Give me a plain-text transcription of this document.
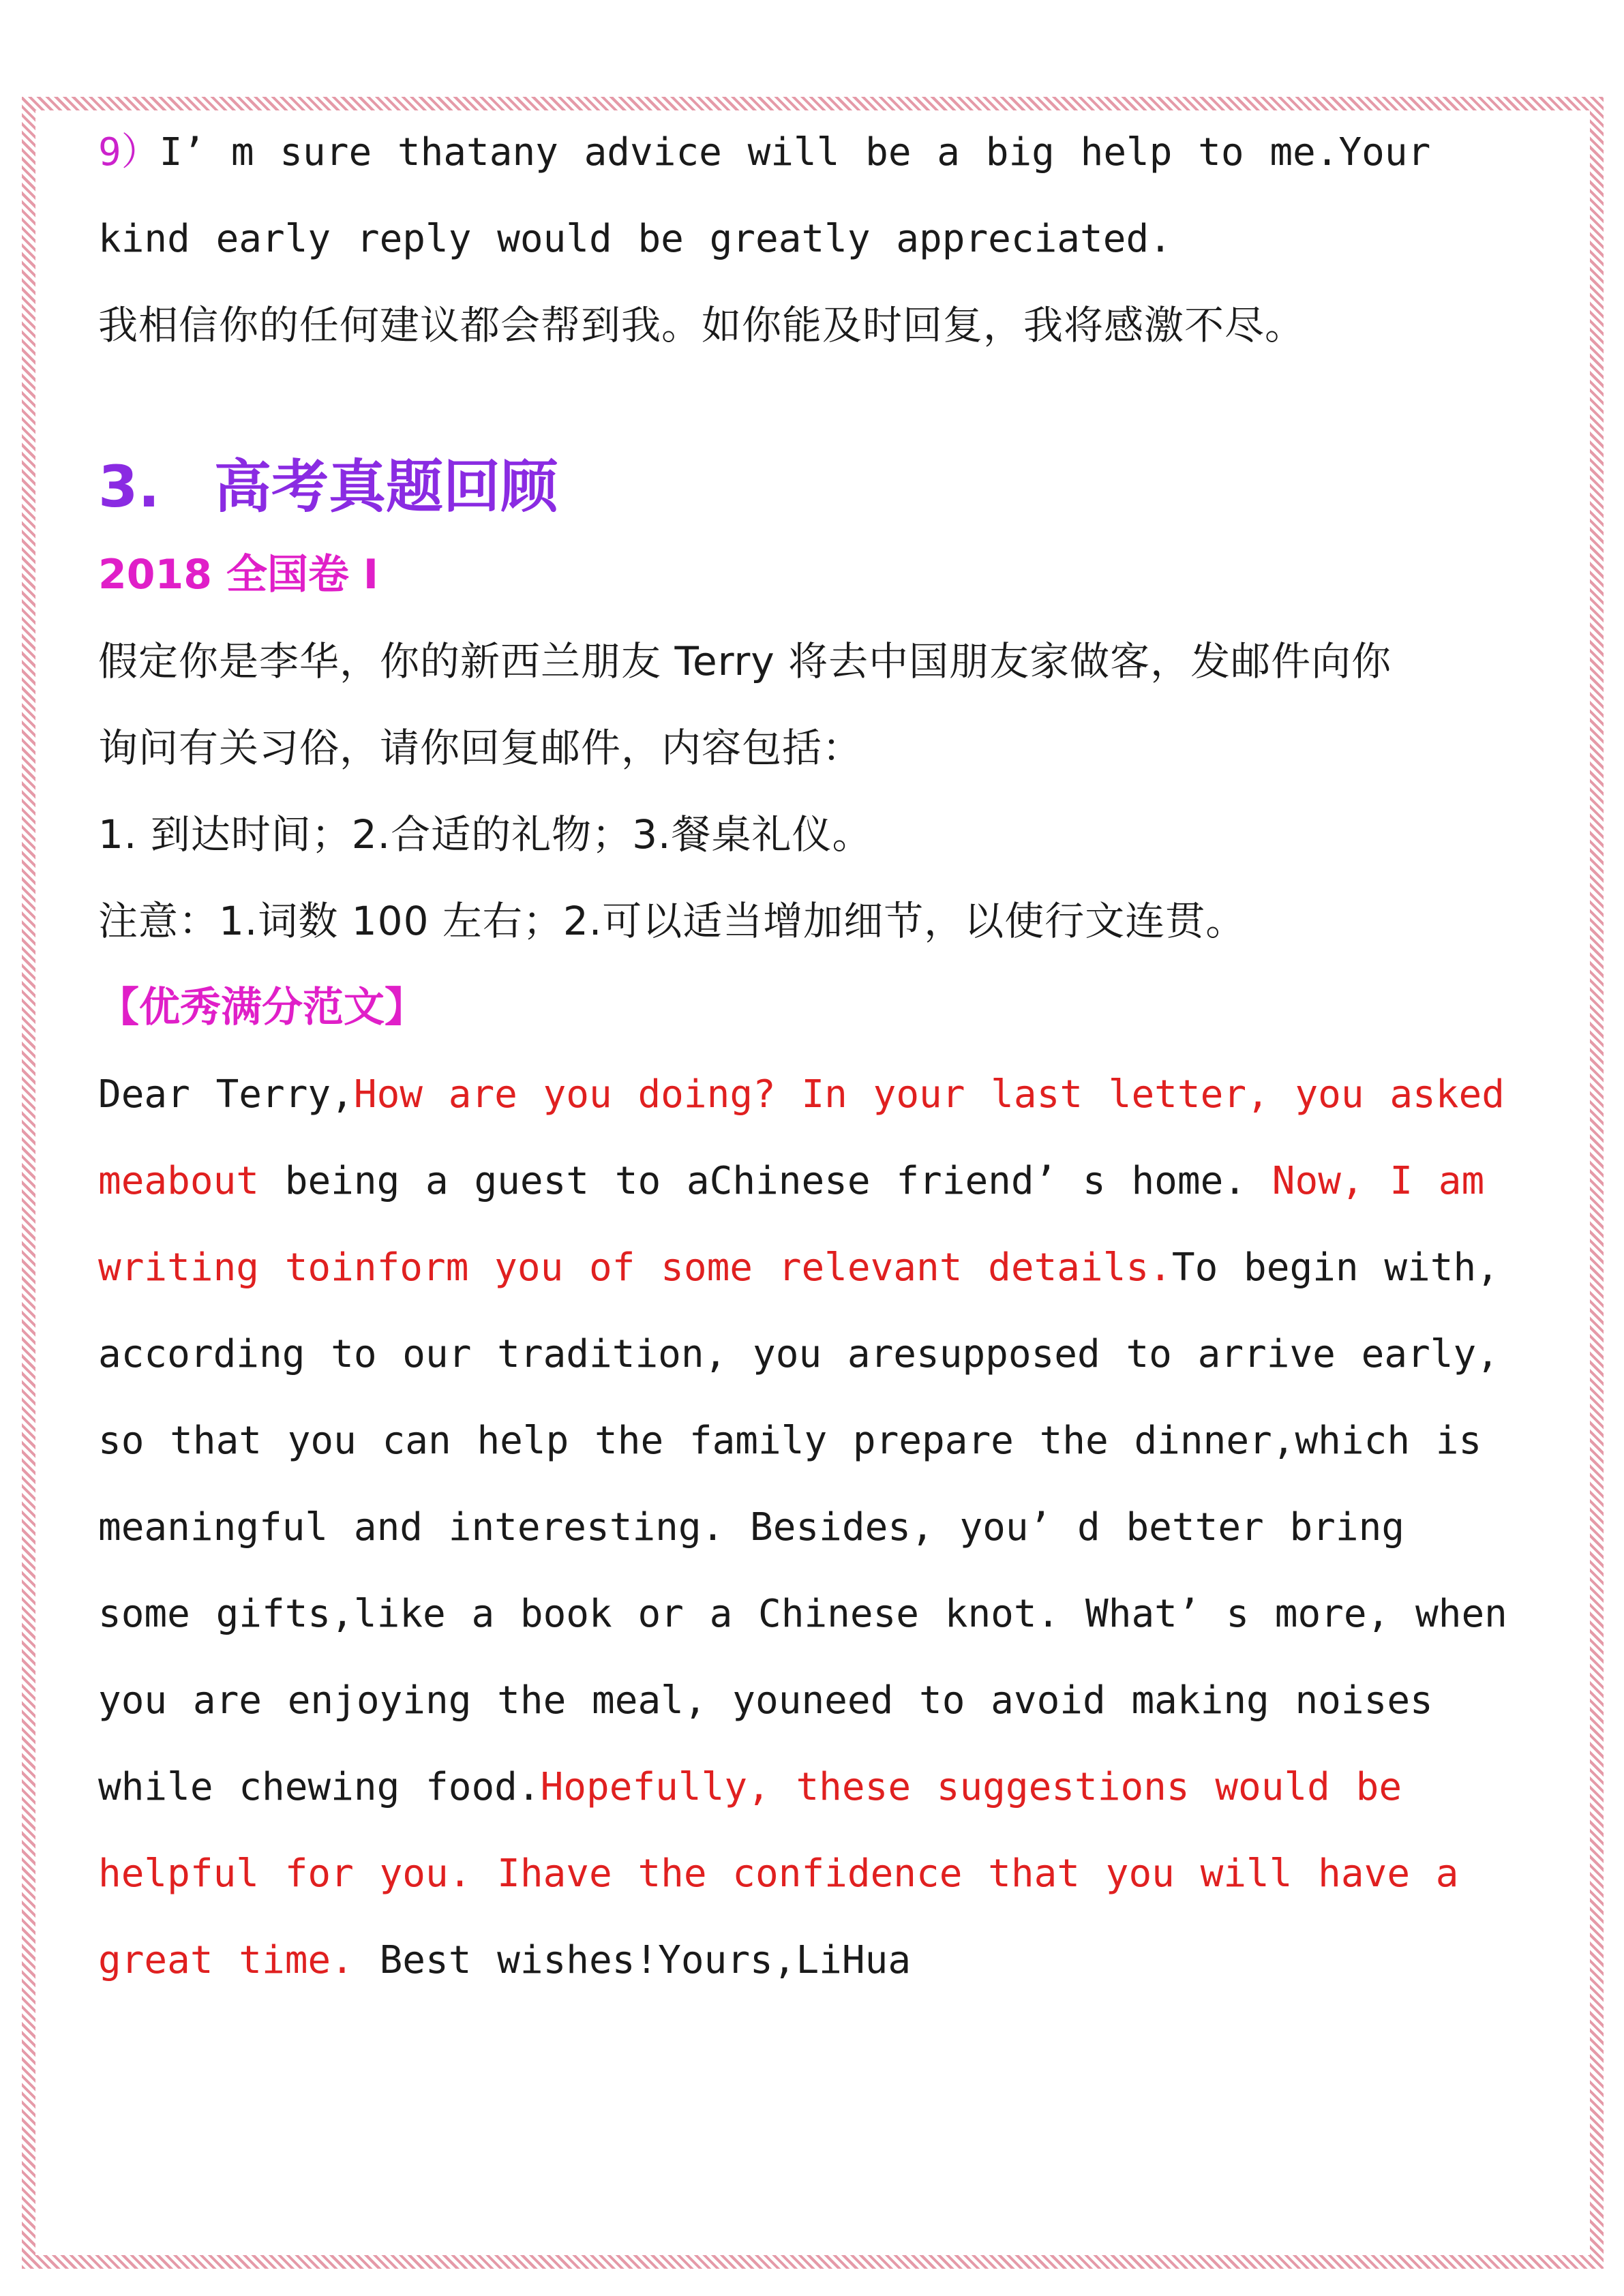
9）I’ m sure thatany advice will be a big help to me.Your kind early reply would be greatly appreciated.

我相信你的任何建议都会帮到我。如你能及时回复，我将感激不尽。

3. 高考真题回顾

2018 全国卷 I

假定你是李华，你的新西兰朋友 Terry 将去中国朋友家做客，发邮件向你

询问有关习俗，请你回复邮件，内容包括：

1. 到达时间；2.合适的礼物；3.餐桌礼仪。

注意：1.词数 100 左右；2.可以适当增加细节，以使行文连贯。

【优秀满分范文】

Dear Terry,How are you doing? In your last letter, you asked meabout being a guest to aChinese friend’ s home. Now, I am writing toinform you of some relevant details.To begin with, according to our tradition, you aresupposed to arrive early, so that you can help the family prepare the dinner,which is meaningful and interesting. Besides, you’ d better bring some gifts,like a book or a Chinese knot. What’ s more, when you are enjoying the meal, youneed to avoid making noises while chewing food.Hopefully, these suggestions would be helpful for you. Ihave the confidence that you will have a great time. Best wishes!Yours,LiHua
